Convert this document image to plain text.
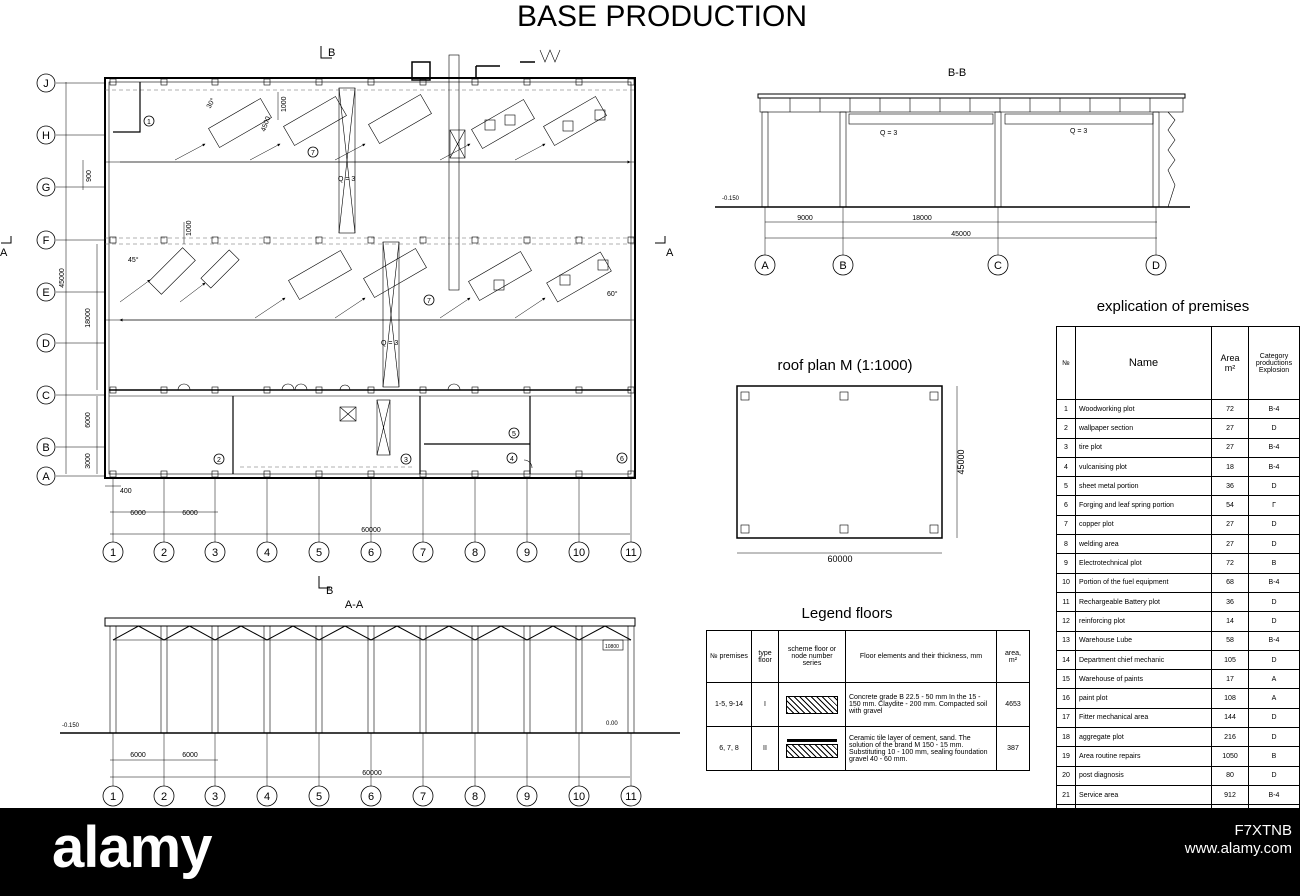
BASE PRODUCTION
Q = 3
Q = 3
30°
45°
60°
1000
4500
1000
1
2	3	4
5
6
7
7
B
A	A
900
45000
18000
6000
3000
J
H
G
F
E
D
C
B
A
400
6000	6000
60000
1	2	3	4	5	6	7	8	9	10	11
B
A-A
-0.150	0.00
10800
6000	6000
60000
1	2	3	4	5	6	7	8	9	10	11
B-B
Q = 3	Q = 3
-0.150
9000	18000
45000
A	B	C	D
roof plan M (1:1000)
45000
60000
Legend floors
explication of premises
№ premises	type floor	scheme floor or node number series	Floor elements and their thickness, mm	area, m²
1-5, 9-14	I		Concrete grade B 22.5 - 50 mm In the 15 - 150 mm. Claydite - 200 mm. Compacted soil with gravel	4653
6, 7, 8	II		Ceramic tile layer of cement, sand. The solution of the brand M 150 - 15 mm. Substituting 10 - 100 mm, sealing foundation gravel 40 - 60 mm.	387
№	Name	Area m²	Category productions Explosion
1	Woodworking plot	72	B-4
2	wallpaper section	27	D
3	tire plot	27	B-4
4	vulcanising plot	18	B-4
5	sheet metal portion	36	D
6	Forging and leaf spring portion	54	Г
7	copper plot	27	D
8	welding area	27	D
9	Electrotechnical plot	72	B
10	Portion of the fuel equipment	68	B-4
11	Rechargeable Battery plot	36	D
12	reinforcing plot	14	D
13	Warehouse Lube	58	B-4
14	Department chief mechanic	105	D
15	Warehouse of paints	17	A
16	paint plot	108	A
17	Fitter mechanical area	144	D
18	aggregate plot	216	D
19	Area routine repairs	1050	B
20	post diagnosis	80	D
21	Service area	912	B-4

alamy	F7XTNB
www.alamy.com
